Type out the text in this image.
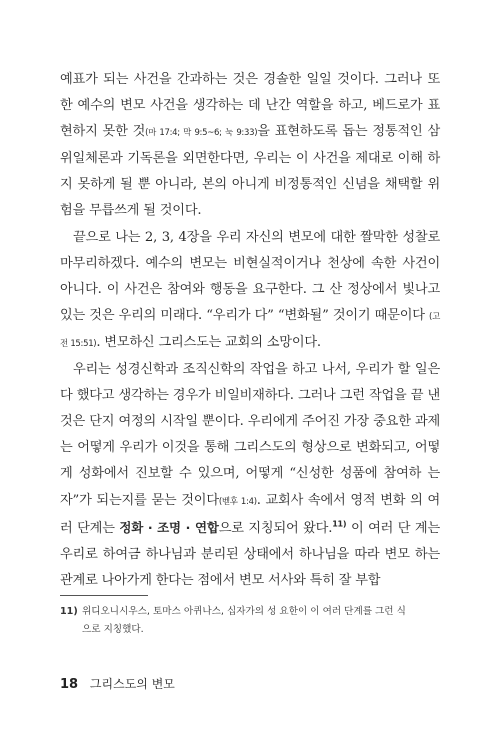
예표가 되는 사건을 간과하는 것은 경솔한 일일 것이다. 그러나 또 한 예수의 변모 사건을 생각하는 데 난간 역할을 하고, 베드로가 표 현하지 못한 것(마 17:4; 막 9:5~6; 눅 9:33)을 표현하도록 돕는 정통적인 삼위일체론과 기독론을 외면한다면, 우리는 이 사건을 제대로 이해 하지 못하게 될 뿐 아니라, 본의 아니게 비정통적인 신념을 채택할 위험을 무릅쓰게 될 것이다.

끝으로 나는 2, 3, 4장을 우리 자신의 변모에 대한 짤막한 성찰로 마무리하겠다. 예수의 변모는 비현실적이거나 천상에 속한 사건이 아니다. 이 사건은 참여와 행동을 요구한다. 그 산 정상에서 빛나고 있는 것은 우리의 미래다. “우리가 다” “변화될” 것이기 때문이다 (고전 15:51). 변모하신 그리스도는 교회의 소망이다.

우리는 성경신학과 조직신학의 작업을 하고 나서, 우리가 할 일은 다 했다고 생각하는 경우가 비일비재하다. 그러나 그런 작업을 끝 낸 것은 단지 여정의 시작일 뿐이다. 우리에게 주어진 가장 중요한 과제는 어떻게 우리가 이것을 통해 그리스도의 형상으로 변화되고, 어떻게 성화에서 진보할 수 있으며, 어떻게 “신성한 성품에 참여하 는 자”가 되는지를 묻는 것이다(벧후 1:4). 교회사 속에서 영적 변화 의 여러 단계는 정화 · 조명 · 연합으로 지칭되어 왔다.$^{11)}$ 이 여러 단 계는 우리로 하여금 하나님과 분리된 상태에서 하나님을 따라 변모 하는 관계로 나아가게 한다는 점에서 변모 서사와 특히 잘 부합

11) 위디오니시우스, 토마스 아퀴나스, 십자가의 성 요한이 이 여러 단계를 그런 식
으로 지칭했다.
18 그리스도의 변모
